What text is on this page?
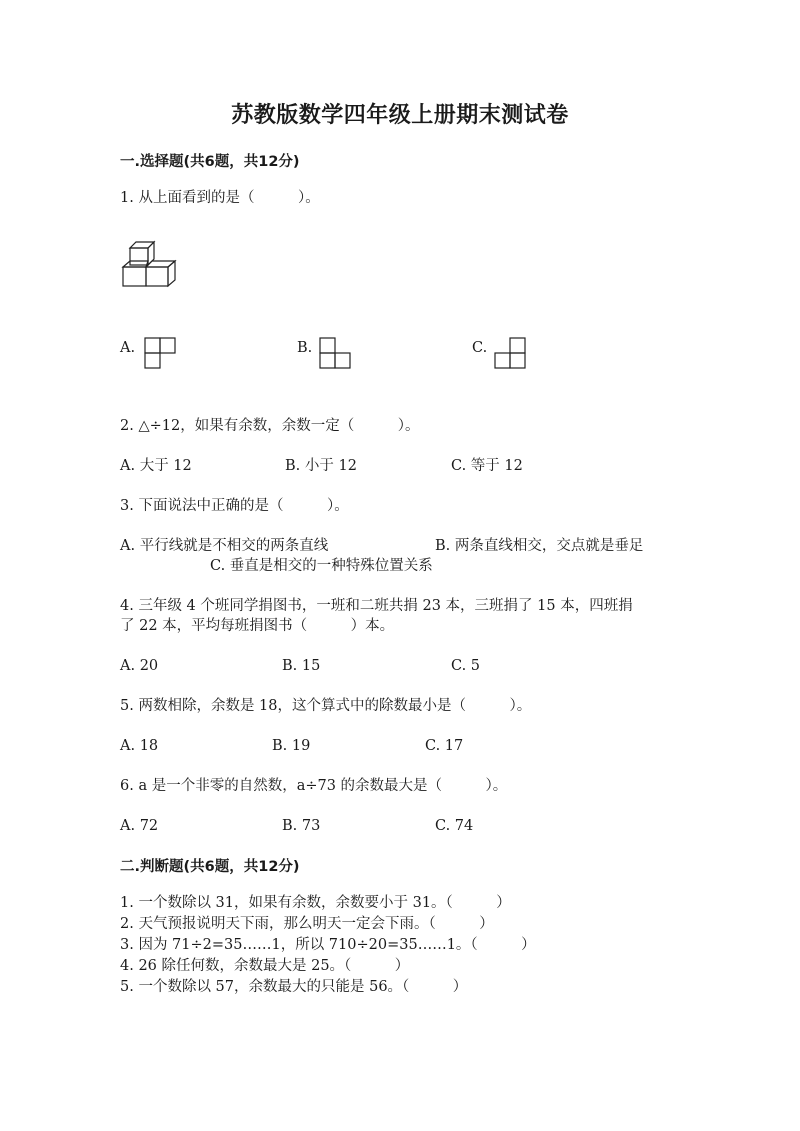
苏教版数学四年级上册期末测试卷
一.选择题(共6题，共12分)
1. 从上面看到的是（　　　）。
A.	B.	C.
2. △÷12，如果有余数，余数一定（　　　）。
A. 大于 12	B. 小于 12	C. 等于 12
3. 下面说法中正确的是（　　　）。
A. 平行线就是不相交的两条直线	B. 两条直线相交，交点就是垂足
C. 垂直是相交的一种特殊位置关系
4. 三年级 4 个班同学捐图书，一班和二班共捐 23 本，三班捐了 15 本，四班捐
了 22 本，平均每班捐图书（　　　）本。
A. 20	B. 15	C. 5
5. 两数相除，余数是 18，这个算式中的除数最小是（　　　）。
A. 18	B. 19	C. 17
6. a 是一个非零的自然数，a÷73 的余数最大是（　　　）。
A. 72	B. 73	C. 74
二.判断题(共6题，共12分)
1. 一个数除以 31，如果有余数，余数要小于 31。（　　　）
2. 天气预报说明天下雨，那么明天一定会下雨。（　　　）
3. 因为 71÷2=35……1，所以 710÷20=35……1。（　　　）
4. 26 除任何数，余数最大是 25。（　　　）
5. 一个数除以 57，余数最大的只能是 56。（　　　）
